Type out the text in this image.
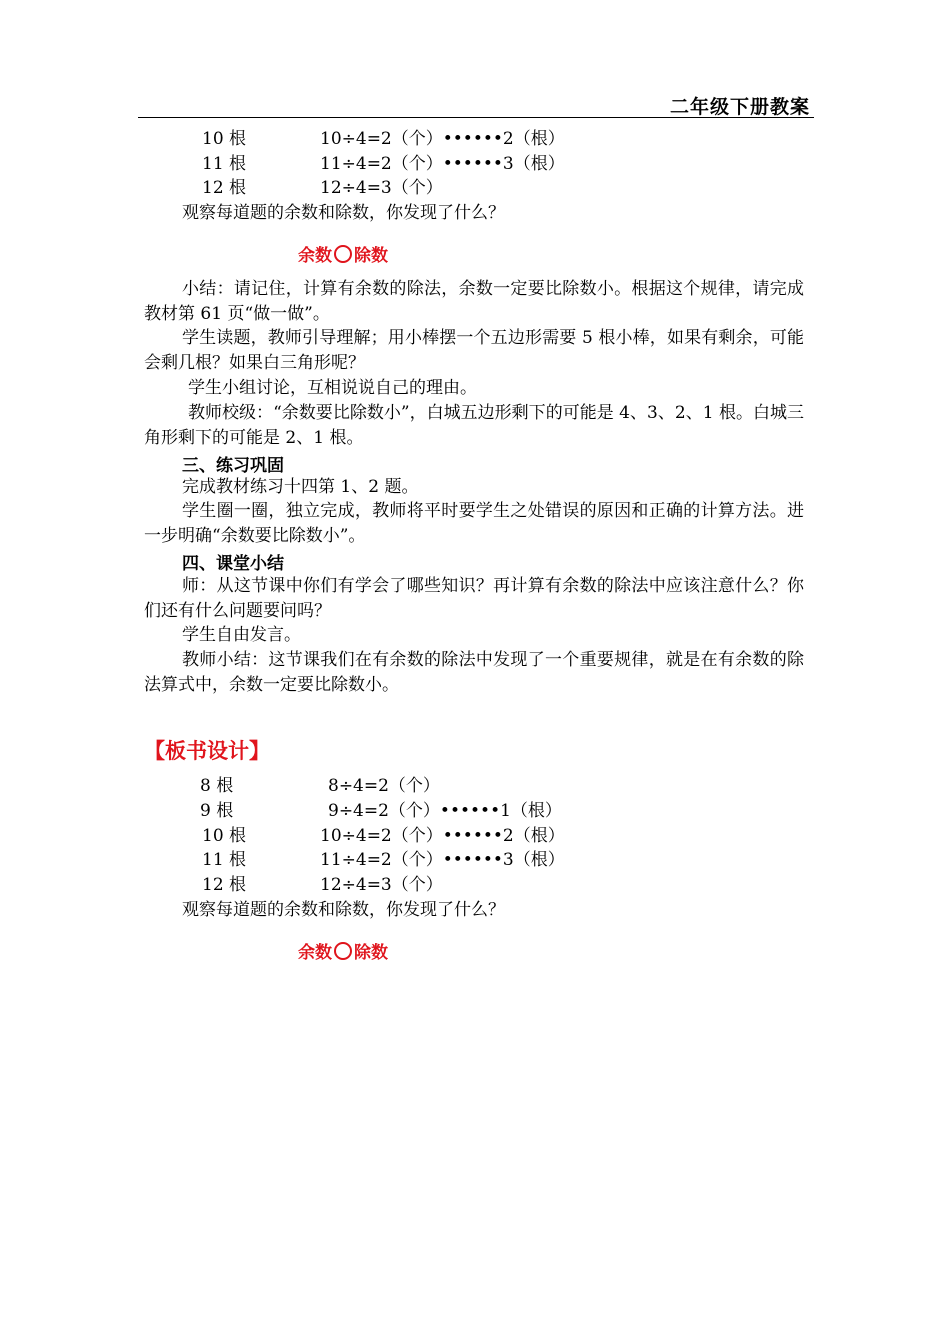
二年级下册教案
10 根	10÷4=2（个）••••••2（根）
11 根	11÷4=2（个）••••••3（根）
12 根	12÷4=3（个）
观察每道题的余数和除数，你发现了什么？
余数 除数
小结：请记住，计算有余数的除法，余数一定要比除数小。根据这个规律，请完成教材第 61 页“做一做”。
学生读题，教师引导理解；用小棒摆一个五边形需要 5 根小棒，如果有剩余，可能会剩几根？如果白三角形呢？
学生小组讨论，互相说说自己的理由。
教师校级：“余数要比除数小”，白城五边形剩下的可能是 4、3、2、1 根。白城三角形剩下的可能是 2、1 根。
三、练习巩固
完成教材练习十四第 1、2 题。
学生圈一圈，独立完成，教师将平时要学生之处错误的原因和正确的计算方法。进一步明确“余数要比除数小”。
四、课堂小结
师：从这节课中你们有学会了哪些知识？再计算有余数的除法中应该注意什么？你们还有什么问题要问吗？
学生自由发言。
教师小结：这节课我们在有余数的除法中发现了一个重要规律，就是在有余数的除法算式中，余数一定要比除数小。
【板书设计】
8 根	8÷4=2（个）
9 根	9÷4=2（个）••••••1（根）
10 根	10÷4=2（个）••••••2（根）
11 根	11÷4=2（个）••••••3（根）
12 根	12÷4=3（个）
观察每道题的余数和除数，你发现了什么？
余数 除数
